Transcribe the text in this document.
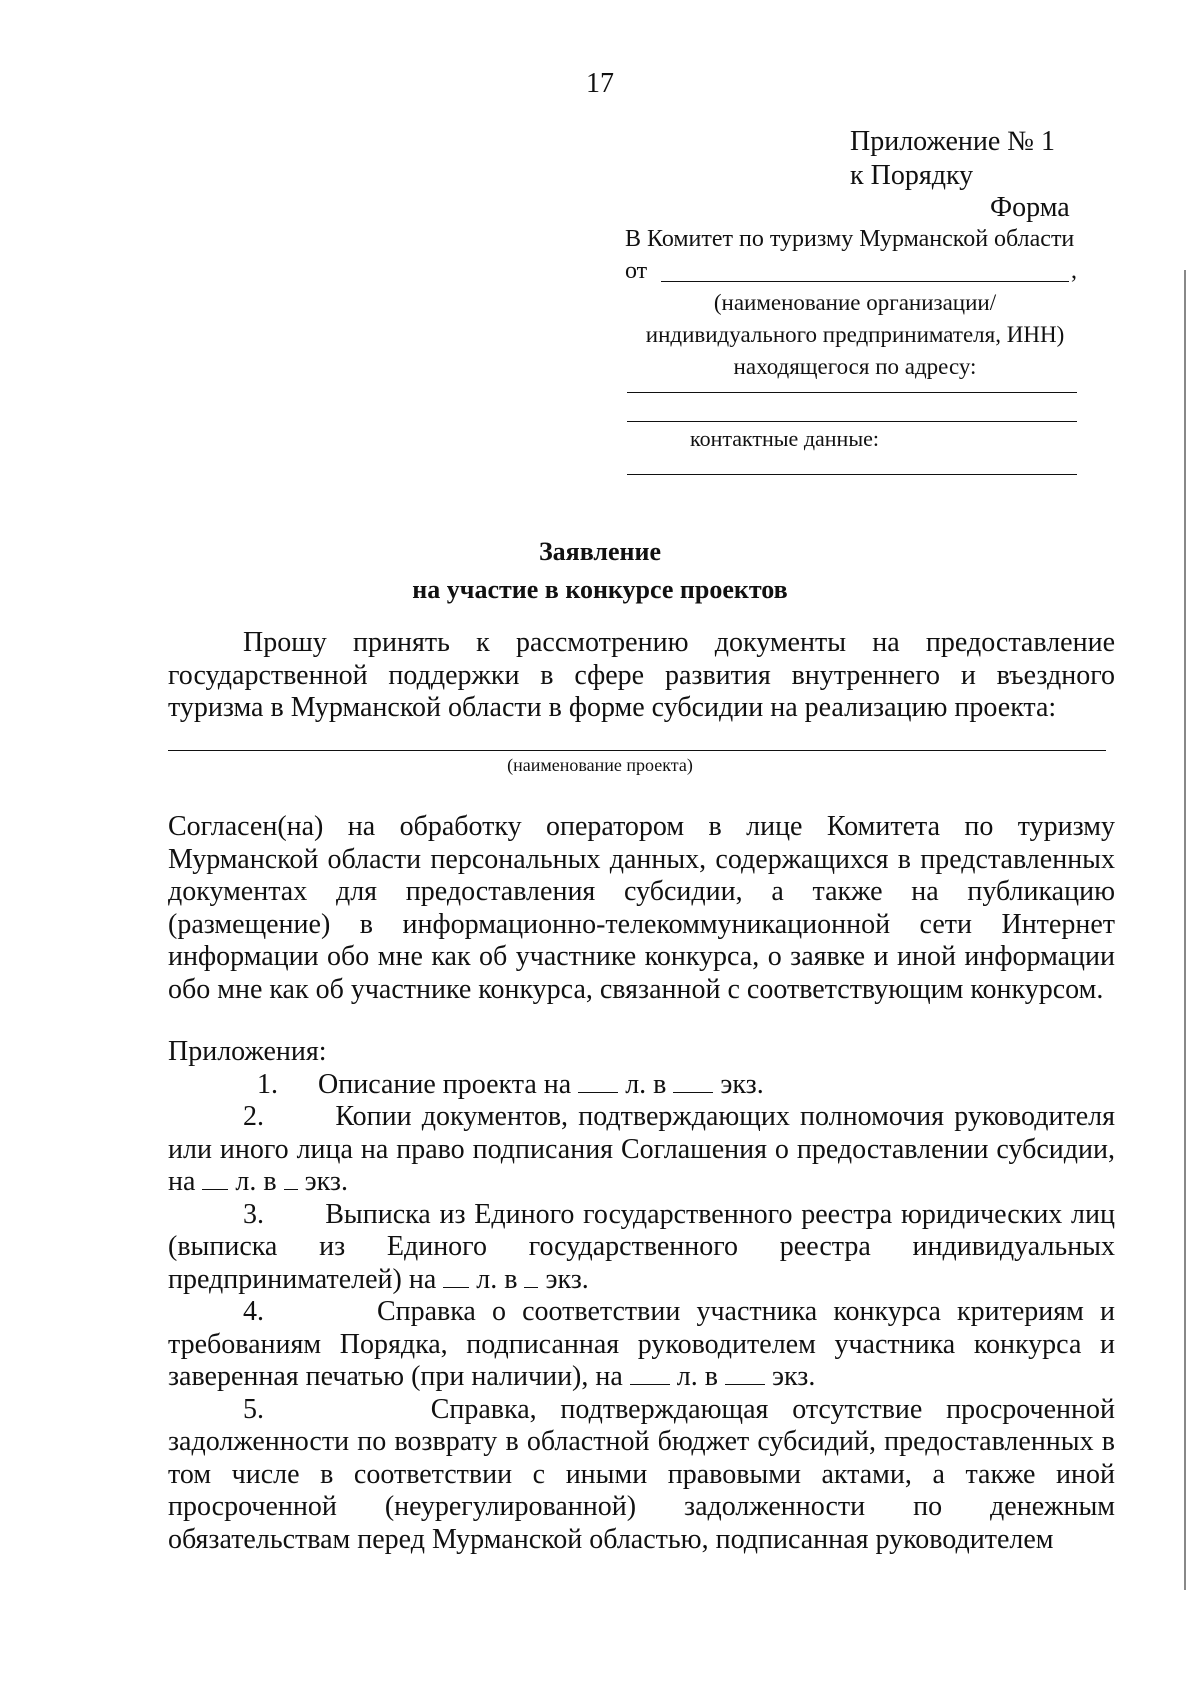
17
Приложение № 1
к Порядку
Форма
В Комитет по туризму Мурманской области
от	,
(наименование организации/
индивидуального предпринимателя, ИНН)
находящегося по адресу:
контактные данные:
Заявление
на участие в конкурсе проектов
Прошу принять к рассмотрению документы на предоставление государственной поддержки в сфере развития внутреннего и въездного туризма в Мурманской области в форме субсидии на реализацию проекта:
(наименование проекта)
Согласен(на) на обработку оператором в лице Комитета по туризму Мурманской области персональных данных, содержащихся в представленных документах для предоставления субсидии, а также на публикацию (размещение) в информационно-телекоммуникационной сети Интернет информации обо мне как об участнике конкурса, о заявке и иной информации обо мне как об участнике конкурса, связанной с соответствующим конкурсом.
Приложения:
1.	Описание проекта на л. в экз.
2.	Копии документов, подтверждающих полномочия руководителя или иного лица на право подписания Соглашения о предоставлении субсидии, на л. в экз.
3. Выписка из Единого государственного реестра юридических лиц (выписка из Единого государственного реестра индивидуальных предпринимателей) на л. в экз.
4.	Справка о соответствии участника конкурса критериям и требованиям Порядка, подписанная руководителем участника конкурса и заверенная печатью (при наличии), на л. в экз.
5.	Справка, подтверждающая отсутствие просроченной задолженности по возврату в областной бюджет субсидий, предоставленных в том числе в соответствии с иными правовыми актами, а также иной просроченной (неурегулированной) задолженности по денежным обязательствам перед Мурманской областью, подписанная руководителем
